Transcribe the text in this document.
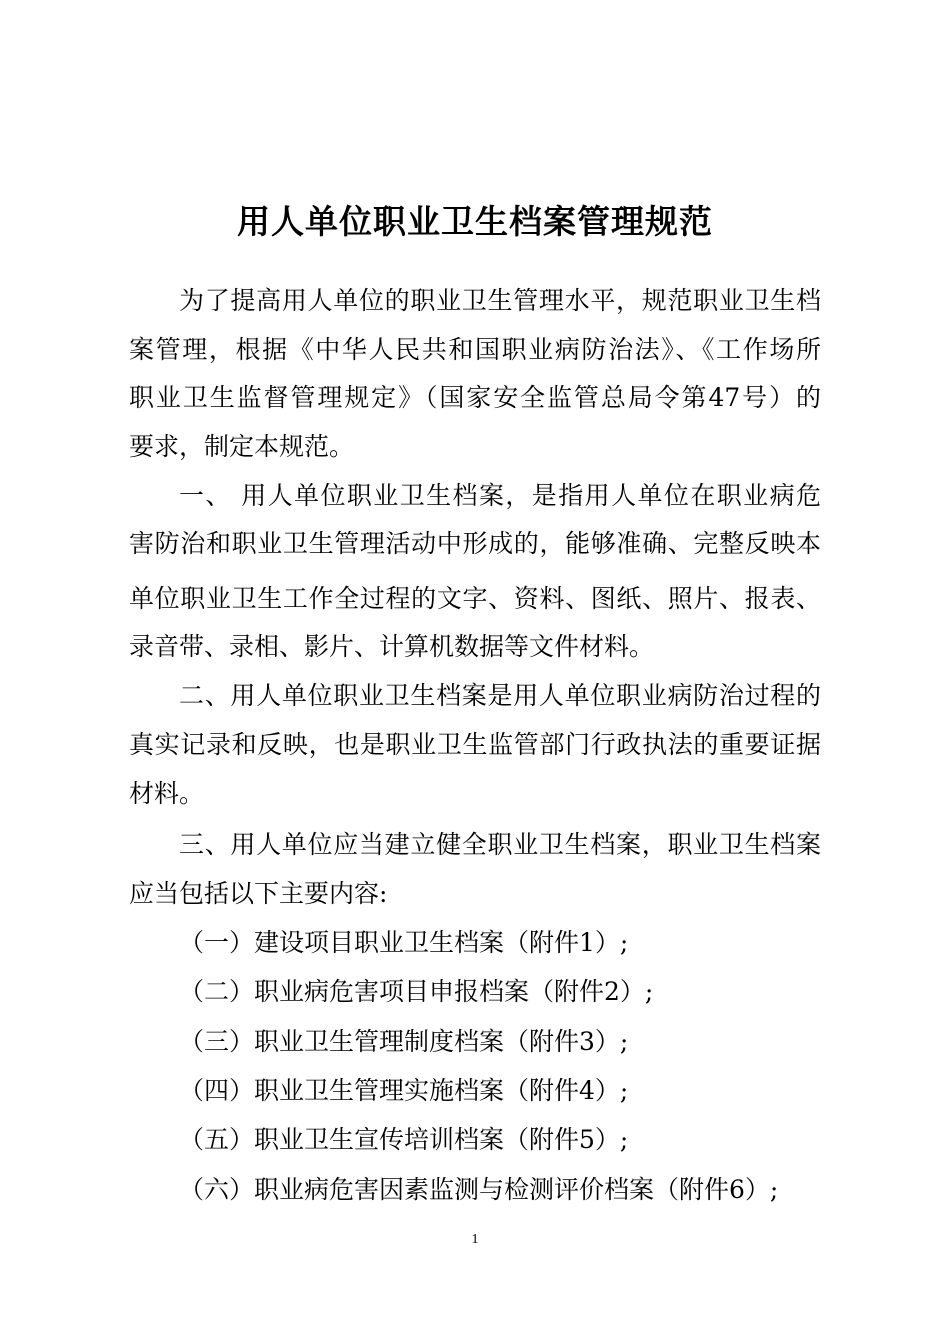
用人单位职业卫生档案管理规范

为了提高用人单位的职业卫生管理水平，规范职业卫生档

案管理，根据《中华人民共和国职业病防治法》、《工作场所

职业卫生监督管理规定》（国家安全监管总局令第47号）的

要求，制定本规范。

一、 用人单位职业卫生档案，是指用人单位在职业病危

害防治和职业卫生管理活动中形成的，能够准确、完整反映本

单位职业卫生工作全过程的文字、资料、图纸、照片、报表、

录音带、录相、影片、计算机数据等文件材料。

二、用人单位职业卫生档案是用人单位职业病防治过程的

真实记录和反映，也是职业卫生监管部门行政执法的重要证据

材料。

三、用人单位应当建立健全职业卫生档案，职业卫生档案

应当包括以下主要内容:

（一）建设项目职业卫生档案（附件1）;

（二）职业病危害项目申报档案（附件2）;

（三）职业卫生管理制度档案（附件3）;

（四）职业卫生管理实施档案（附件4）;

（五）职业卫生宣传培训档案（附件5）;

（六）职业病危害因素监测与检测评价档案（附件6）;

1
